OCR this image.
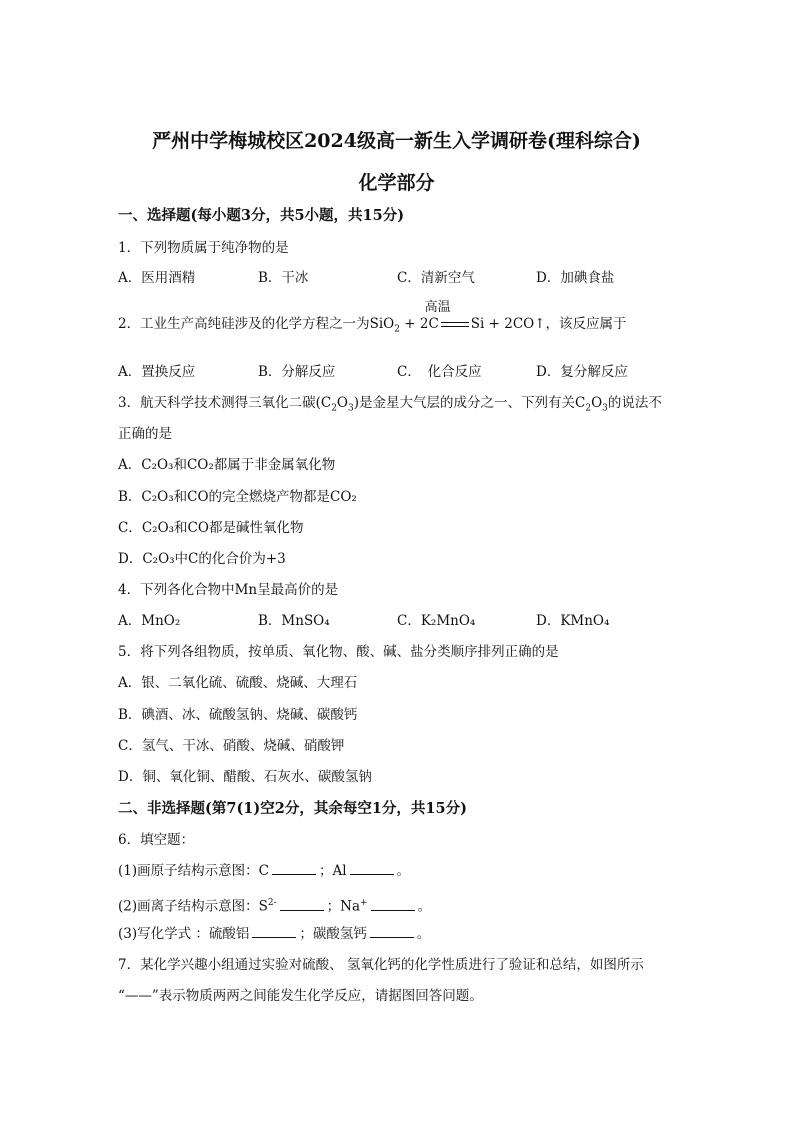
严州中学梅城校区2024级高一新生入学调研卷(理科综合)
化学部分
一、选择题(每小题3分，共5小题，共15分)
1．下列物质属于纯净物的是
A．医用酒精	B．干冰	C．清新空气	D．加碘食盐
2．工业生产高纯硅涉及的化学方程之一为SiO$_2$ + 2C
高温
Si + 2CO↑，该反应属于
A．置换反应	B．分解反应	C．　化合反应	D．复分解反应
3．航天科学技术测得三氧化二碳$(C_2O_3)$是金星大气层的成分之一、下列有关$C_2O_3$的说法不
正确的是
A．C₂O₃和CO₂都属于非金属氧化物
B．C₂O₃和CO的完全燃烧产物都是CO₂
C．C₂O₃和CO都是碱性氧化物
D．C₂O₃中C的化合价为+3
4．下列各化合物中Mn呈最高价的是
A．MnO₂	B．MnSO₄	C．K₂MnO₄	D．KMnO₄
5．将下列各组物质，按单质、氧化物、酸、碱、盐分类顺序排列正确的是
A．银、二氧化硫、硫酸、烧碱、大理石
B．碘酒、冰、硫酸氢钠、烧碱、碳酸钙
C．氢气、干冰、硝酸、烧碱、硝酸钾
D．铜、氧化铜、醋酸、石灰水、碳酸氢钠
二、非选择题(第7(1)空2分，其余每空1分，共15分)
6．填空题：
(1)画原子结构示意图：C	；Al	。
(2)画离子结构示意图：$S^{2-}$	；Na+	。
(3)写化学式 ：硫酸铝	；碳酸氢钙	。
7．某化学兴趣小组通过实验对硫酸、 氢氧化钙的化学性质进行了验证和总结，如图所示
“——”表示物质两两之间能发生化学反应，请据图回答问题。
